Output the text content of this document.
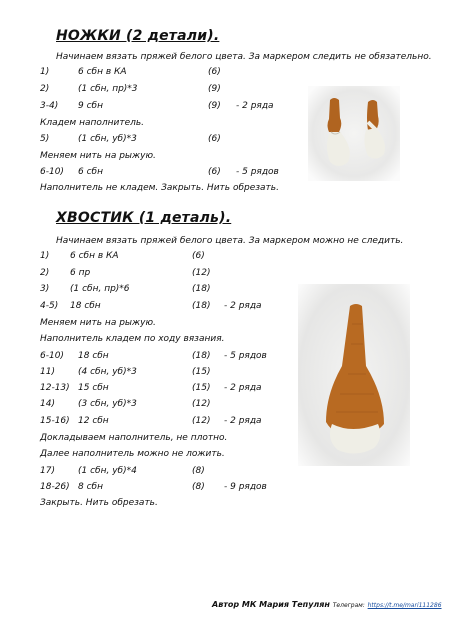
НОЖКИ (2 детали).
Начинаем вязать пряжей белого цвета. За маркером следить не обязательно.
1)	6 сбн в КА	(6)
2)	(1 сбн, пр)*3	(9)
3-4) 9 сбн	(9) - 2 ряда
Кладем наполнитель.
5)	(1 сбн, уб)*3	(6)
Меняем нить на рыжую.
6-10) 6 сбн	(6) - 5 рядов
Наполнитель не кладем. Закрыть. Нить обрезать.
ХВОСТИК (1 деталь).
Начинаем вязать пряжей белого цвета. За маркером можно не следить.
1) 6 сбн в КА	(6)
2) 6 пр	(12)
3) (1 сбн, пр)*6	(18)
4-5) 18 сбн	(18) - 2 ряда
Меняем нить на рыжую.
Наполнитель кладем по ходу вязания.
6-10) 18 сбн	(18) - 5 рядов
11)	(4 сбн, уб)*3	(15)
12-13) 15 сбн	(15) - 2 ряда
14)	(3 сбн, уб)*3	(12)
15-16) 12 сбн	(12) - 2 ряда
Докладываем наполнитель, не плотно.
Далее наполнитель можно не ложить.
17)	(1 сбн, уб)*4	(8)
18-26) 8 сбн	(8) - 9 рядов
Закрыть. Нить обрезать.
Автор МК Мария Тепулян Телеграм: https://t.me/mari111286
